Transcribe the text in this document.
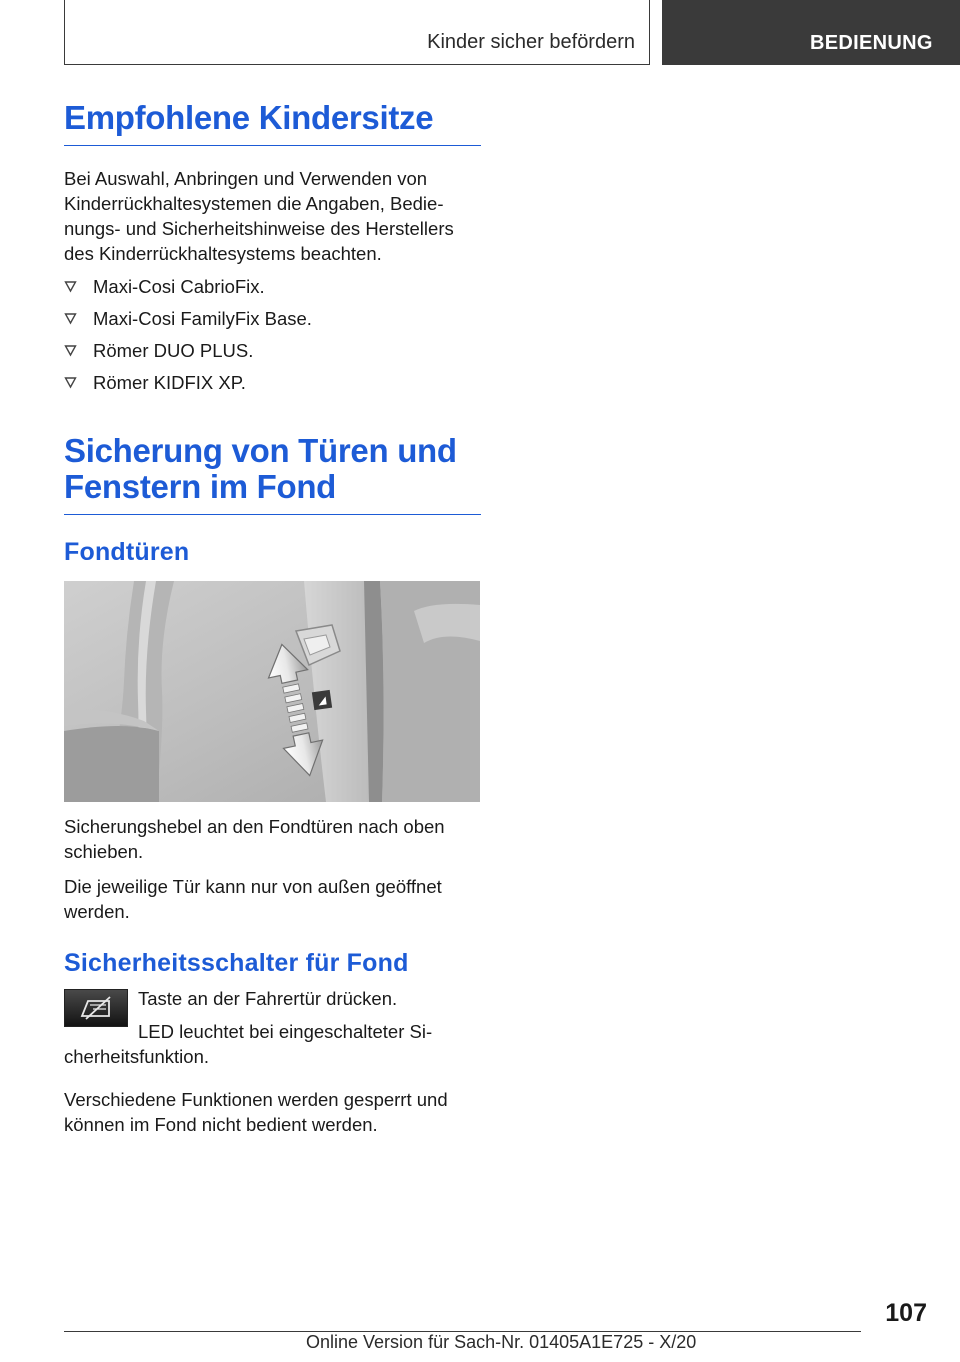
Kinder sicher befördern	BEDIENUNG
Empfohlene Kindersitze

Bei Auswahl, Anbringen und Verwenden von Kinderrückhaltesystemen die Angaben, Bedienungs- und Sicherheitshinweise des Herstellers des Kinderrückhaltesystems beachten.

Maxi-Cosi CabrioFix.
Maxi-Cosi FamilyFix Base.
Römer DUO PLUS.
Römer KIDFIX XP.
Sicherung von Türen und Fenstern im Fond
Fondtüren

Sicherungshebel an den Fondtüren nach oben schieben.

Die jeweilige Tür kann nur von außen geöffnet werden.

Sicherheitsschalter für Fond

Taste an der Fahrertür drücken.

LED leuchtet bei eingeschalteter Sicherheitsfunktion.

Verschiedene Funktionen werden gesperrt und können im Fond nicht bedient werden.

107
Online Version für Sach-Nr. 01405A1E725 - X/20
